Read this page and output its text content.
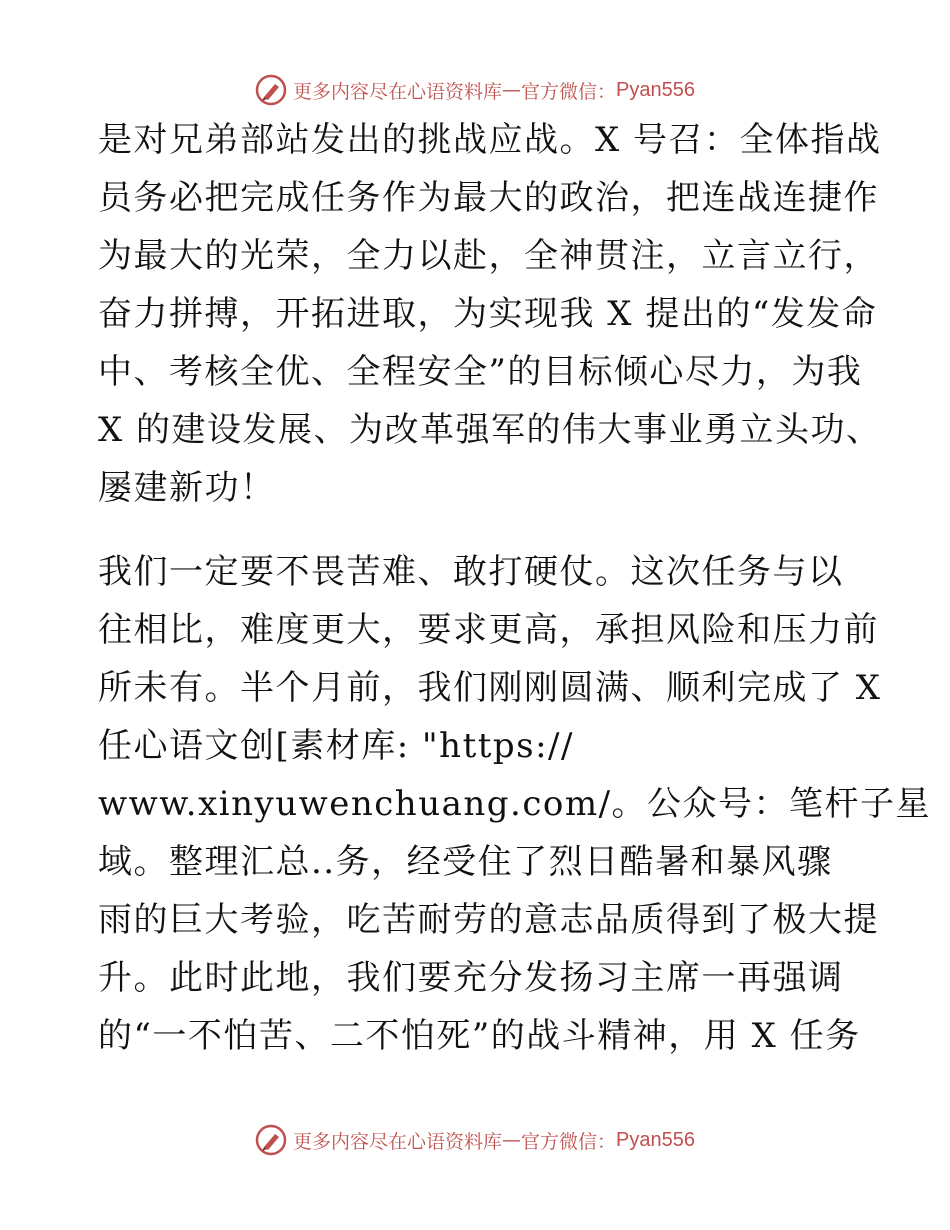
更多内容尽在心语资料库 — 官方微信： Pyan556
是对兄弟部站发出的挑战应战。X 号召：全体指战
员务必把完成任务作为最大的政治，把连战连捷作
为最大的光荣，全力以赴，全神贯注，立言立行，
奋力拼搏，开拓进取，为实现我 X 提出的“发发命
中、考核全优、全程安全”的目标倾心尽力，为我
X 的建设发展、为改革强军的伟大事业勇立头功、
屡建新功！
我们一定要不畏苦难、敢打硬仗。这次任务与以
往相比，难度更大，要求更高，承担风险和压力前
所未有。半个月前，我们刚刚圆满、顺利完成了 X
任心语文创[素材库: "https://
www.xinyuwenchuang.com/。公众号：笔杆子星
域。整理汇总..务，经受住了烈日酷暑和暴风骤
雨的巨大考验，吃苦耐劳的意志品质得到了极大提
升。此时此地，我们要充分发扬习主席一再强调
的“一不怕苦、二不怕死”的战斗精神，用 X 任务
更多内容尽在心语资料库 — 官方微信： Pyan556
